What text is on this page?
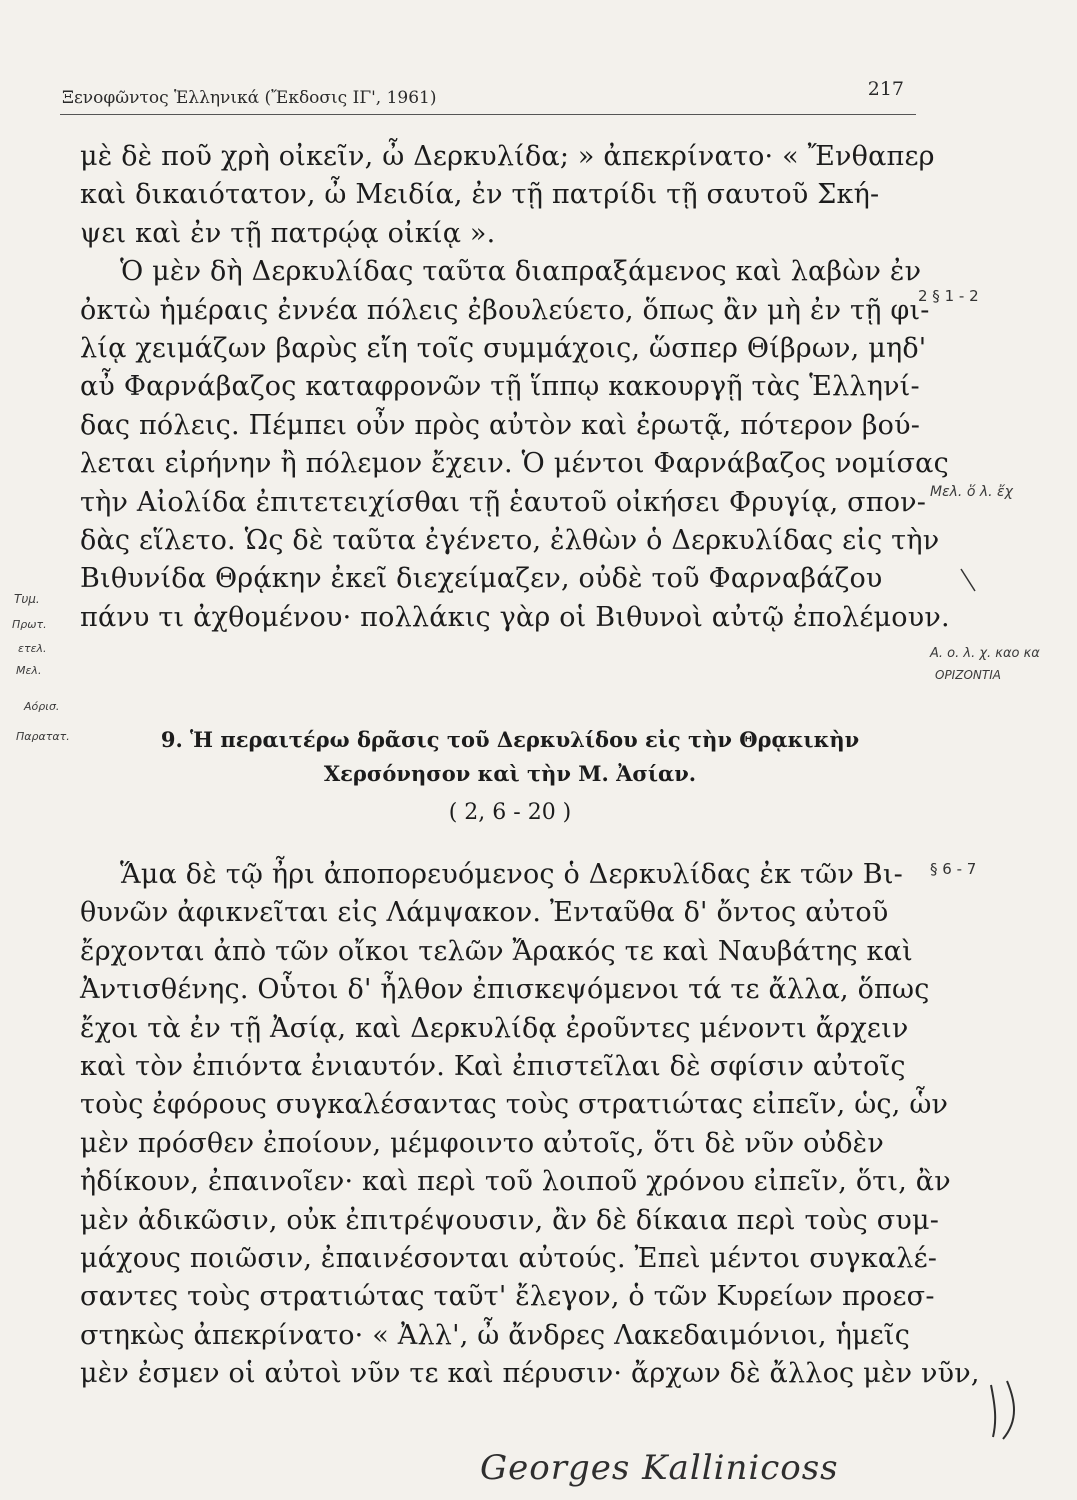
Ξενοφῶντος Ἑλληνικά (Ἔκδοσις ΙΓ', 1961)	217
μὲ δὲ ποῦ χρὴ οἰκεῖν, ὦ Δερκυλίδα; » ἀπεκρίνατο· « Ἔνθαπερ
καὶ δικαιότατον, ὦ Μειδία, ἐν τῇ πατρίδι τῇ σαυτοῦ Σκή-
ψει καὶ ἐν τῇ πατρῴᾳ οἰκίᾳ ».
Ὁ μὲν δὴ Δερκυλίδας ταῦτα διαπραξάμενος καὶ λαβὼν ἐν
ὀκτὼ ἡμέραις ἐννέα πόλεις ἐβουλεύετο, ὅπως ἂν μὴ ἐν τῇ φι-
λίᾳ χειμάζων βαρὺς εἴη τοῖς συμμάχοις, ὥσπερ Θίβρων, μηδ'
αὖ Φαρνάβαζος καταφρονῶν τῇ ἵππῳ κακουργῇ τὰς Ἑλληνί-
δας πόλεις. Πέμπει οὖν πρὸς αὐτὸν καὶ ἐρωτᾷ, πότερον βού-
λεται εἰρήνην ἢ πόλεμον ἔχειν. Ὁ μέντοι Φαρνάβαζος νομίσας
τὴν Αἰολίδα ἐπιτετειχίσθαι τῇ ἑαυτοῦ οἰκήσει Φρυγίᾳ, σπον-
δὰς εἵλετο. Ὡς δὲ ταῦτα ἐγένετο, ἐλθὼν ὁ Δερκυλίδας εἰς τὴν
Βιθυνίδα Θρᾴκην ἐκεῖ διεχείμαζεν, οὐδὲ τοῦ Φαρναβάζου
πάνυ τι ἀχθομένου· πολλάκις γὰρ οἱ Βιθυνοὶ αὐτῷ ἐπολέμουν.
2 § 1 - 2
9. Ἡ περαιτέρω δρᾶσις τοῦ Δερκυλίδου εἰς τὴν Θρᾳκικὴν
Χερσόνησον καὶ τὴν Μ. Ἀσίαν.
( 2, 6 - 20 )
Ἅμα δὲ τῷ ἦρι ἀποπορευόμενος ὁ Δερκυλίδας ἐκ τῶν Βι-
θυνῶν ἀφικνεῖται εἰς Λάμψακον. Ἐνταῦθα δ' ὄντος αὐτοῦ
ἔρχονται ἀπὸ τῶν οἴκοι τελῶν Ἄρακός τε καὶ Ναυβάτης καὶ
Ἀντισθένης. Οὗτοι δ' ἦλθον ἐπισκεψόμενοι τά τε ἄλλα, ὅπως
ἔχοι τὰ ἐν τῇ Ἀσίᾳ, καὶ Δερκυλίδᾳ ἐροῦντες μένοντι ἄρχειν
καὶ τὸν ἐπιόντα ἐνιαυτόν. Καὶ ἐπιστεῖλαι δὲ σφίσιν αὐτοῖς
τοὺς ἐφόρους συγκαλέσαντας τοὺς στρατιώτας εἰπεῖν, ὡς, ὧν
μὲν πρόσθεν ἐποίουν, μέμφοιντο αὐτοῖς, ὅτι δὲ νῦν οὐδὲν
ἠδίκουν, ἐπαινοῖεν· καὶ περὶ τοῦ λοιποῦ χρόνου εἰπεῖν, ὅτι, ἂν
μὲν ἀδικῶσιν, οὐκ ἐπιτρέψουσιν, ἂν δὲ δίκαια περὶ τοὺς συμ-
μάχους ποιῶσιν, ἐπαινέσονται αὐτούς. Ἐπεὶ μέντοι συγκαλέ-
σαντες τοὺς στρατιώτας ταῦτ' ἔλεγον, ὁ τῶν Κυρείων προεσ-
στηκὼς ἀπεκρίνατο· « Ἀλλ', ὦ ἄνδρες Λακεδαιμόνιοι, ἡμεῖς
μὲν ἐσμεν οἱ αὐτοὶ νῦν τε καὶ πέρυσιν· ἄρχων δὲ ἄλλος μὲν νῦν,
§ 6 - 7
Μελ. ὅ λ. ἔχ
Α. ο. λ. χ. καο κα
ΟΡΙΖΟΝΤΙΑ
Τυμ.
Πρωτ.
ετελ.
Μελ.
Αόρισ.
Παρατατ.
Georges Kallinicoss
